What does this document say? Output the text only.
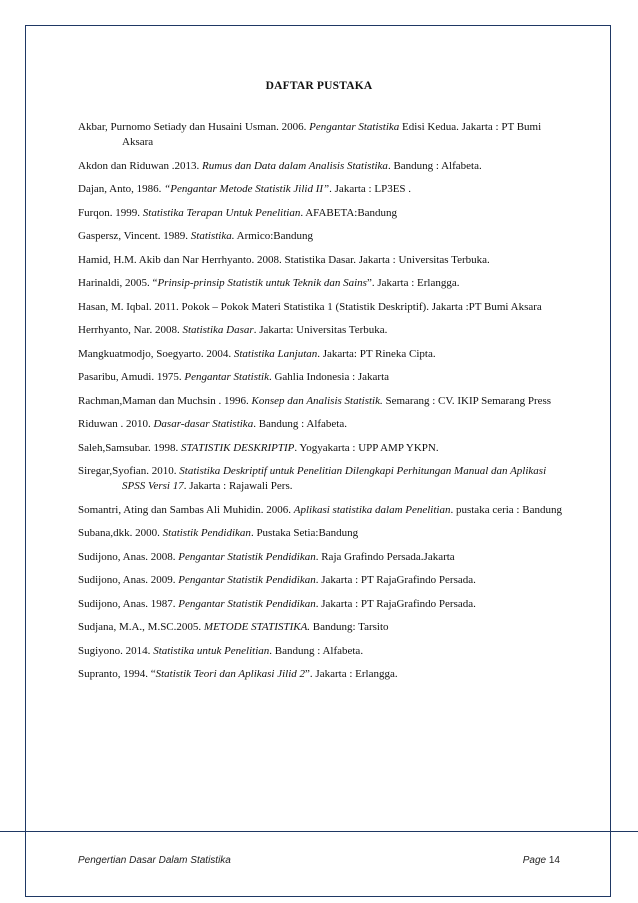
DAFTAR PUSTAKA
Akbar, Purnomo Setiady dan Husaini Usman. 2006. Pengantar Statistika Edisi Kedua. Jakarta : PT Bumi Aksara
Akdon dan Riduwan .2013. Rumus dan Data dalam Analisis Statistika. Bandung : Alfabeta.
Dajan, Anto, 1986. “Pengantar Metode Statistik Jilid II”. Jakarta : LP3ES .
Furqon. 1999. Statistika Terapan Untuk Penelitian. AFABETA:Bandung
Gaspersz, Vincent. 1989. Statistika. Armico:Bandung
Hamid, H.M. Akib dan Nar Herrhyanto. 2008. Statistika Dasar. Jakarta : Universitas Terbuka.
Harinaldi, 2005. “Prinsip-prinsip Statistik untuk Teknik dan Sains”. Jakarta : Erlangga.
Hasan, M. Iqbal. 2011. Pokok – Pokok Materi Statistika 1 (Statistik Deskriptif). Jakarta :PT Bumi Aksara
Herrhyanto, Nar. 2008. Statistika Dasar. Jakarta: Universitas Terbuka.
Mangkuatmodjo, Soegyarto. 2004. Statistika Lanjutan. Jakarta: PT Rineka Cipta.
Pasaribu, Amudi. 1975. Pengantar Statistik. Gahlia Indonesia : Jakarta
Rachman,Maman dan Muchsin . 1996. Konsep dan Analisis Statistik. Semarang : CV. IKIP Semarang Press
Riduwan . 2010. Dasar-dasar Statistika. Bandung : Alfabeta.
Saleh,Samsubar. 1998. STATISTIK DESKRIPTIP. Yogyakarta : UPP AMP YKPN.
Siregar,Syofian. 2010. Statistika Deskriptif untuk Penelitian Dilengkapi Perhitungan Manual dan Aplikasi SPSS Versi 17. Jakarta : Rajawali Pers.
Somantri, Ating dan Sambas Ali Muhidin. 2006. Aplikasi statistika dalam Penelitian. pustaka ceria : Bandung
Subana,dkk. 2000. Statistik Pendidikan. Pustaka Setia:Bandung
Sudijono, Anas. 2008. Pengantar Statistik Pendidikan. Raja Grafindo Persada.Jakarta
Sudijono, Anas. 2009. Pengantar Statistik Pendidikan. Jakarta : PT RajaGrafindo Persada.
Sudijono, Anas. 1987. Pengantar Statistik Pendidikan. Jakarta : PT RajaGrafindo Persada.
Sudjana, M.A., M.SC.2005. METODE STATISTIKA. Bandung: Tarsito
Sugiyono. 2014. Statistika untuk Penelitian. Bandung : Alfabeta.
Supranto, 1994. “Statistik Teori dan Aplikasi Jilid 2”. Jakarta : Erlangga.
Pengertian Dasar Dalam Statistika	Page 14
